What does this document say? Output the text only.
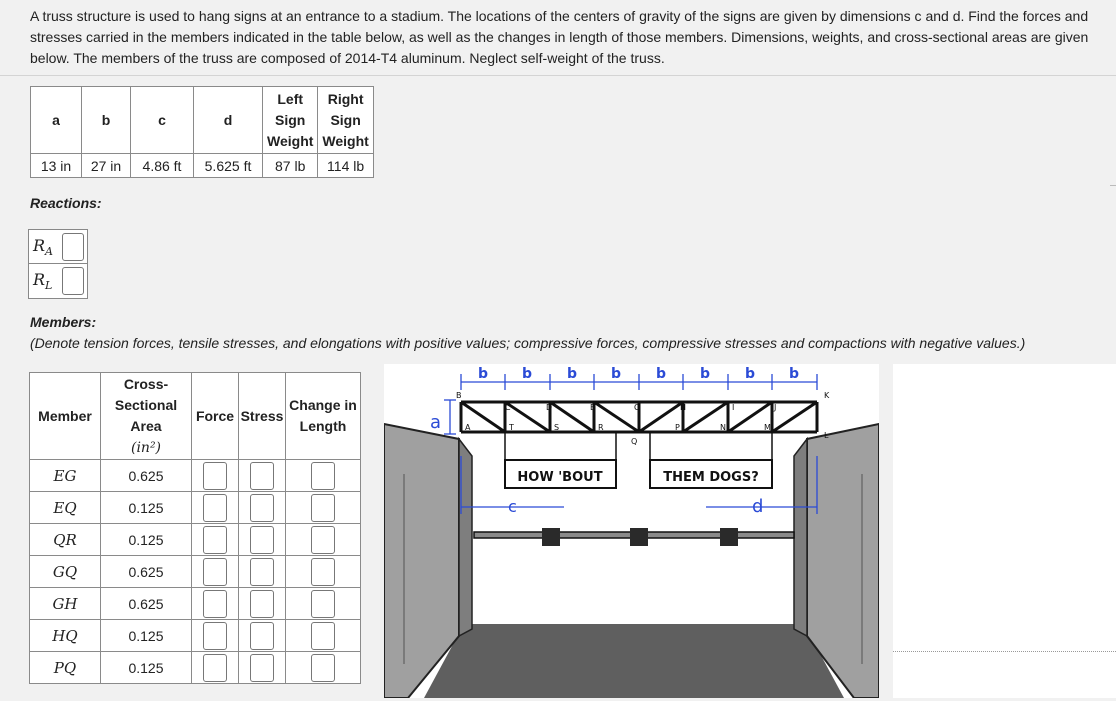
A truss structure is used to hang signs at an entrance to a stadium. The locations of the centers of gravity of the signs are given by dimensions c and d. Find the forces and stresses carried in the members indicated in the table below, as well as the changes in length of those members. Dimensions, weights, and cross-sectional areas are given below. The members of the truss are composed of 2014-T4 aluminum. Neglect self-weight of the truss.
a	b	c	d	Left
Sign
Weight	Right
Sign
Weight
13 in	27 in	4.86 ft	5.625 ft	87 lb	114 lb
Reactions:
$R_A$
$R_L$
Members:
(Denote tension forces, tensile stresses, and elongations with positive values; compressive forces, compressive stresses and compactions with negative values.)
Member	Cross-
Sectional
Area
(in²)	Force	Stress	Change in
Length
EG	0.625			
EQ	0.125			
QR	0.125			
GQ	0.625			
GH	0.625			
HQ	0.125			
PQ	0.125			
b b b b b b b b
B
C	D	E	G	H	I	J
K
A	T	S	R
Q
P	N	M
L
a
HOW 'BOUT	THEM DOGS?
c	d
